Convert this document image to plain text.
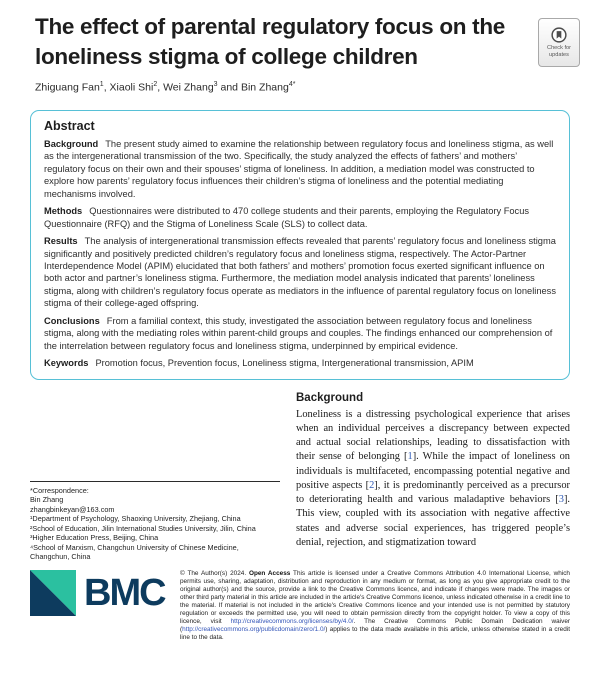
Check for
updates
The effect of parental regulatory focus on the loneliness stigma of college children

Zhiguang Fan$^1$, Xiaoli Shi$^2$, Wei Zhang$^3$ and Bin Zhang$^{4*}$

Abstract

Background The present study aimed to examine the relationship between regulatory focus and loneliness stigma, as well as the intergenerational transmission of the two. Specifically, the study analyzed the effects of fathers’ and mothers’ regulatory focus on their own and their spouses’ stigma of loneliness. In addition, a mediation model was constructed to explore how parents’ regulatory focus influences their children’s stigma of loneliness and the potential mediating mechanisms involved.

Methods Questionnaires were distributed to 470 college students and their parents, employing the Regulatory Focus Questionnaire (RFQ) and the Stigma of Loneliness Scale (SLS) to collect data.

Results The analysis of intergenerational transmission effects revealed that parents’ regulatory focus and loneliness stigma significantly and positively predicted children’s regulatory focus and loneliness stigma, respectively. The Actor-Partner Interdependence Model (APIM) elucidated that both fathers’ and mothers’ promotion focus exerted significant influence on both actor and partner’s loneliness stigma. Furthermore, the mediation model analysis indicated that parents’ loneliness stigma, along with children’s regulatory focus operate as mediators in the influence of parental regulatory focus on loneliness stigma of their college-aged offspring.

Conclusions From a familial context, this study, investigated the association between regulatory focus and loneliness stigma, along with the mediating roles within parent-child groups and couples. The findings enhanced our comprehension of the interrelation between regulatory focus and loneliness stigma, underpinned by empirical evidence.

Keywords Promotion focus, Prevention focus, Loneliness stigma, Intergenerational transmission, APIM

*Correspondence:
Bin Zhang
zhangbinkeyan@163.com
¹Department of Psychology, Shaoxing University, Zhejiang, China
²School of Education, Jilin International Studies University, Jilin, China
³Higher Education Press, Beijing, China
⁴School of Marxism, Changchun University of Chinese Medicine, Changchun, China
Background

Loneliness is a distressing psychological experience that arises when an individual perceives a discrepancy between expected and actual social relationships, leading to dissatisfaction with their sense of belonging [1]. While the impact of loneliness on individuals is multifaceted, encompassing potential negative and positive aspects [2], it is predominantly perceived as a precursor to deteriorating health and various maladaptive behaviors [3]. This view, coupled with its association with negative affective states and adverse social experiences, has triggered people’s denial, rejection, and stigmatization toward

BMC © The Author(s) 2024. Open Access This article is licensed under a Creative Commons Attribution 4.0 International License, which permits use, sharing, adaptation, distribution and reproduction in any medium or format, as long as you give appropriate credit to the original author(s) and the source, provide a link to the Creative Commons licence, and indicate if changes were made. The images or other third party material in this article are included in the article's Creative Commons licence, unless indicated otherwise in a credit line to the material. If material is not included in the article's Creative Commons licence and your intended use is not permitted by statutory regulation or exceeds the permitted use, you will need to obtain permission directly from the copyright holder. To view a copy of this licence, visit http://creativecommons.org/licenses/by/4.0/. The Creative Commons Public Domain Dedication waiver (http://creativecommons.org/publicdomain/zero/1.0/) applies to the data made available in this article, unless otherwise stated in a credit line to the data.
